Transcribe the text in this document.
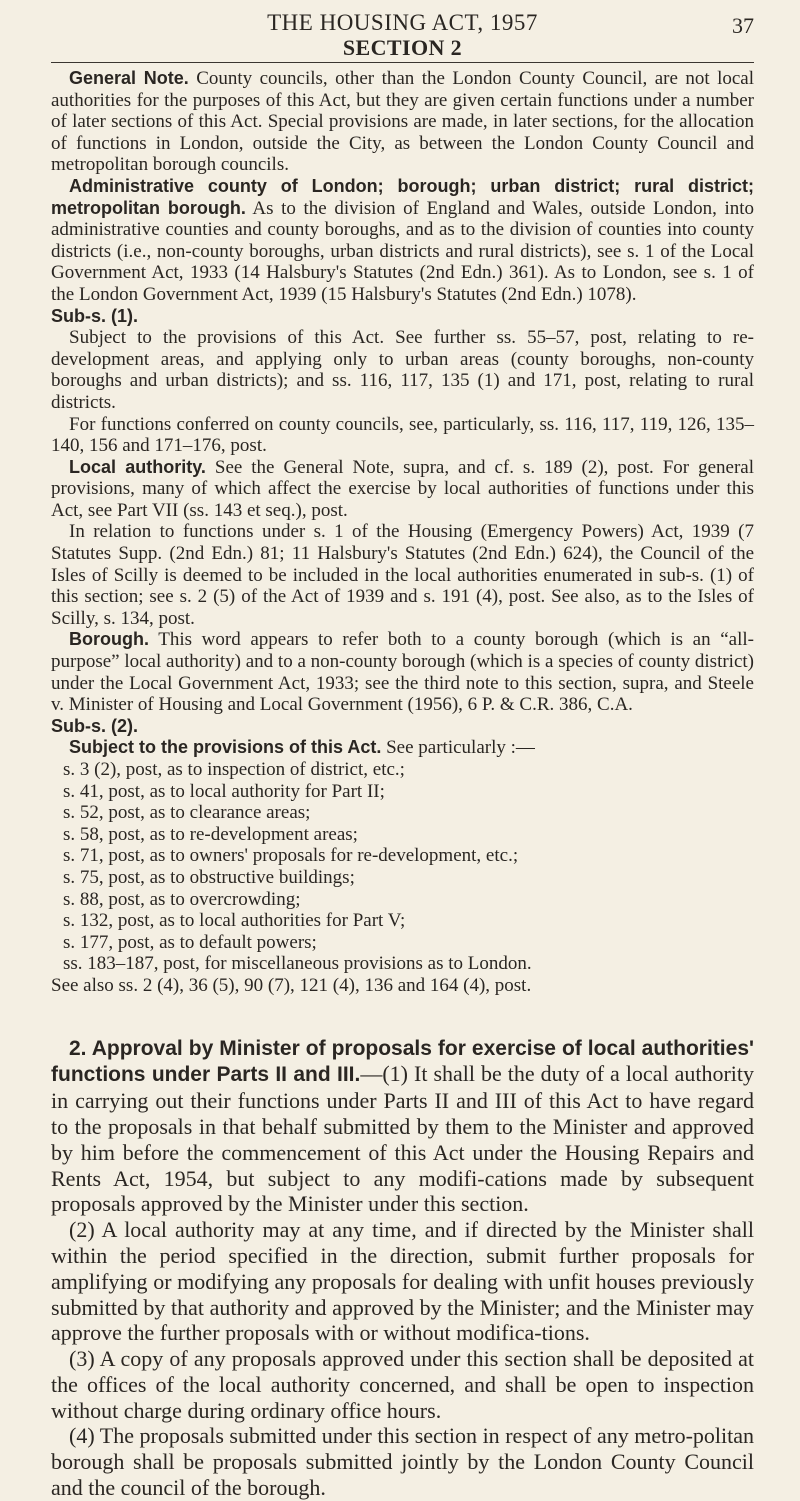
THE HOUSING ACT, 1957
SECTION 2
37

General Note. County councils, other than the London County Council, are not local authorities for the purposes of this Act, but they are given certain functions under a number of later sections of this Act. Special provisions are made, in later sections, for the allocation of functions in London, outside the City, as between the London County Council and metropolitan borough councils.

Administrative county of London; borough; urban district; rural district; metropolitan borough. As to the division of England and Wales, outside London, into administrative counties and county boroughs, and as to the division of counties into county districts (i.e., non-county boroughs, urban districts and rural districts), see s. 1 of the Local Government Act, 1933 (14 Halsbury's Statutes (2nd Edn.) 361). As to London, see s. 1 of the London Government Act, 1939 (15 Halsbury's Statutes (2nd Edn.) 1078).

Sub-s. (1).

Subject to the provisions of this Act. See further ss. 55–57, post, relating to re-development areas, and applying only to urban areas (county boroughs, non-county boroughs and urban districts); and ss. 116, 117, 135 (1) and 171, post, relating to rural districts.

For functions conferred on county councils, see, particularly, ss. 116, 117, 119, 126, 135–140, 156 and 171–176, post.

Local authority. See the General Note, supra, and cf. s. 189 (2), post. For general provisions, many of which affect the exercise by local authorities of functions under this Act, see Part VII (ss. 143 et seq.), post.

In relation to functions under s. 1 of the Housing (Emergency Powers) Act, 1939 (7 Statutes Supp. (2nd Edn.) 81; 11 Halsbury's Statutes (2nd Edn.) 624), the Council of the Isles of Scilly is deemed to be included in the local authorities enumerated in sub-s. (1) of this section; see s. 2 (5) of the Act of 1939 and s. 191 (4), post. See also, as to the Isles of Scilly, s. 134, post.

Borough. This word appears to refer both to a county borough (which is an “all-purpose” local authority) and to a non-county borough (which is a species of county district) under the Local Government Act, 1933; see the third note to this section, supra, and Steele v. Minister of Housing and Local Government (1956), 6 P. & C.R. 386, C.A.

Sub-s. (2).

Subject to the provisions of this Act. See particularly :—

s. 3 (2), post, as to inspection of district, etc.;
s. 41, post, as to local authority for Part II;
s. 52, post, as to clearance areas;
s. 58, post, as to re-development areas;
s. 71, post, as to owners' proposals for re-development, etc.;
s. 75, post, as to obstructive buildings;
s. 88, post, as to overcrowding;
s. 132, post, as to local authorities for Part V;
s. 177, post, as to default powers;
ss. 183–187, post, for miscellaneous provisions as to London.

See also ss. 2 (4), 36 (5), 90 (7), 121 (4), 136 and 164 (4), post.

2. Approval by Minister of proposals for exercise of local authorities' functions under Parts II and III.—(1) It shall be the duty of a local authority in carrying out their functions under Parts II and III of this Act to have regard to the proposals in that behalf submitted by them to the Minister and approved by him before the commencement of this Act under the Housing Repairs and Rents Act, 1954, but subject to any modifi-cations made by subsequent proposals approved by the Minister under this section.

(2) A local authority may at any time, and if directed by the Minister shall within the period specified in the direction, submit further proposals for amplifying or modifying any proposals for dealing with unfit houses previously submitted by that authority and approved by the Minister; and the Minister may approve the further proposals with or without modifica-tions.

(3) A copy of any proposals approved under this section shall be deposited at the offices of the local authority concerned, and shall be open to inspection without charge during ordinary office hours.

(4) The proposals submitted under this section in respect of any metro-politan borough shall be proposals submitted jointly by the London County Council and the council of the borough.
